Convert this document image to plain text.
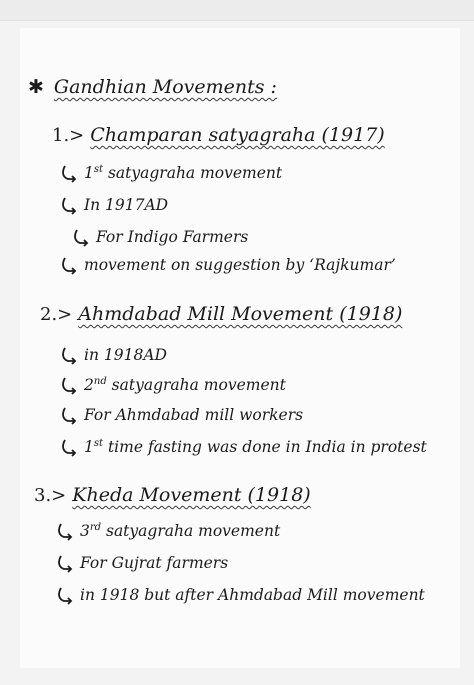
✱ Gandhian Movements :
1.> Champaran satyagraha (1917)
1st satyagraha movement
In 1917AD
For Indigo Farmers
movement on suggestion by ‘Rajkumar’
2.> Ahmdabad Mill Movement (1918)
in 1918AD
2nd satyagraha movement
For Ahmdabad mill workers
1st time fasting was done in India in protest
3.> Kheda Movement (1918)
3rd satyagraha movement
For Gujrat farmers
in 1918 but after Ahmdabad Mill movement
